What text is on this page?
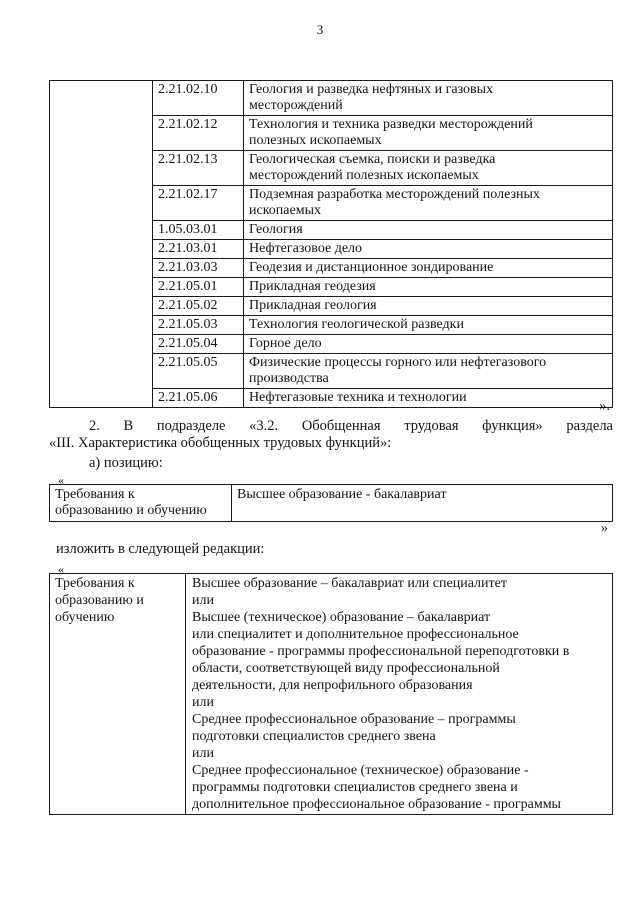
3
	2.21.02.10	Геология и разведка нефтяных и газовых
месторождений

	2.21.02.12	Технология и техника разведки месторождений
полезных ископаемых

	2.21.02.13	Геологическая съемка, поиски и разведка
месторождений полезных ископаемых

	2.21.02.17	Подземная разработка месторождений полезных
ископаемых

	1.05.03.01	Геология

	2.21.03.01	Нефтегазовое дело

	2.21.03.03	Геодезия и дистанционное зондирование

	2.21.05.01	Прикладная геодезия

	2.21.05.02	Прикладная геология

	2.21.05.03	Технология геологической разведки

	2.21.05.04	Горное дело

	2.21.05.05	Физические процессы горного или нефтегазового
производства

	2.21.05.06	Нефтегазовые техника и технологии
».
2. В подразделе «3.2. Обобщенная трудовая функция» раздела
«III. Характеристика обобщенных трудовых функций»:
а) позицию:
«
Требования к
образованию и обучению
	Высшее образование - бакалавриат
»
изложить в следующей редакции:
«
Требования к
образованию и
обучению

Высшее образование – бакалавриат или специалитет
или
Высшее (техническое) образование – бакалавриат
или специалитет и дополнительное профессиональное
образование - программы профессиональной переподготовки в
области, соответствующей виду профессиональной
деятельности, для непрофильного образования
или
Среднее профессиональное образование – программы
подготовки специалистов среднего звена
или
Среднее профессиональное (техническое) образование -
программы подготовки специалистов среднего звена и
дополнительное профессиональное образование - программы
